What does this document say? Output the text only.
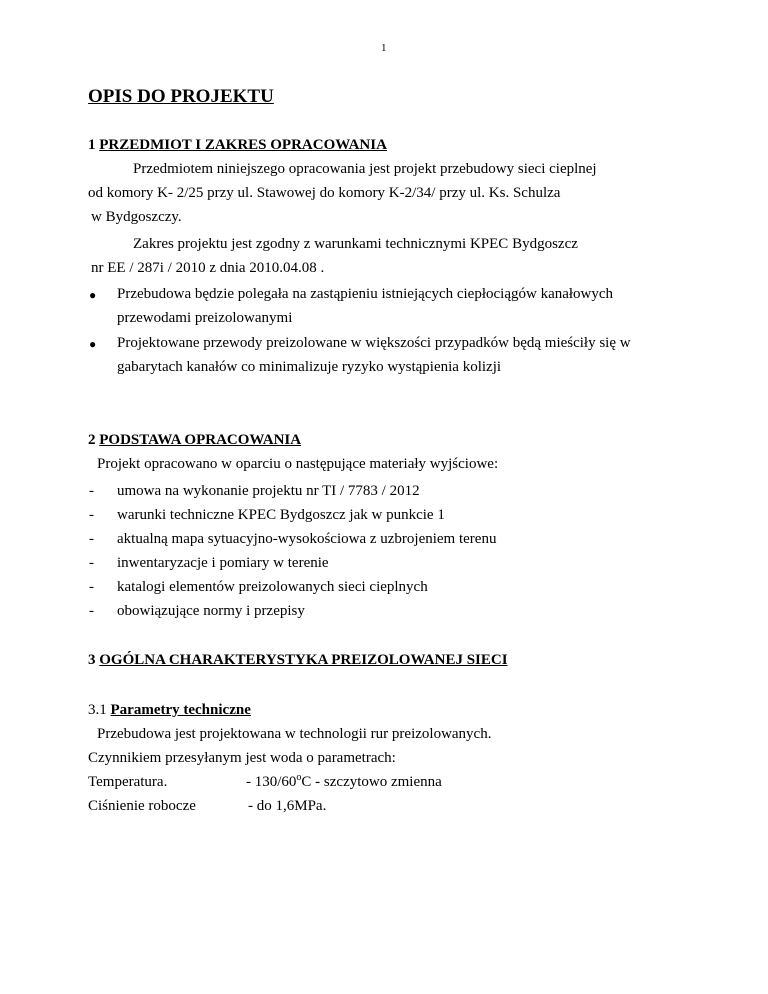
1
OPIS DO PROJEKTU
1 PRZEDMIOT I ZAKRES OPRACOWANIA
Przedmiotem niniejszego opracowania jest projekt przebudowy sieci cieplnej
od komory K- 2/25 przy ul. Stawowej do komory K-2/34/ przy ul. Ks. Schulza
w Bydgoszczy.
Zakres projektu jest zgodny z warunkami technicznymi KPEC Bydgoszcz
nr EE / 287i / 2010 z dnia 2010.04.08 .
● Przebudowa będzie polegała na zastąpieniu istniejących ciepłociągów kanałowych
przewodami preizolowanymi
● Projektowane przewody preizolowane w większości przypadków będą mieściły się w
gabarytach kanałów co minimalizuje ryzyko wystąpienia kolizji
2 PODSTAWA OPRACOWANIA
Projekt opracowano w oparciu o następujące materiały wyjściowe:
- umowa na wykonanie projektu nr TI / 7783 / 2012
- warunki techniczne KPEC Bydgoszcz jak w punkcie 1
- aktualną mapa sytuacyjno-wysokościowa z uzbrojeniem terenu
- inwentaryzacje i pomiary w terenie
- katalogi elementów preizolowanych sieci cieplnych
- obowiązujące normy i przepisy
3 OGÓLNA CHARAKTERYSTYKA PREIZOLOWANEJ SIECI
3.1 Parametry techniczne
Przebudowa jest projektowana w technologii rur preizolowanych.
Czynnikiem przesyłanym jest woda o parametrach:
Temperatura.	- 130/60$^o$C - szczytowo zmienna
Ciśnienie robocze	- do 1,6MPa.
